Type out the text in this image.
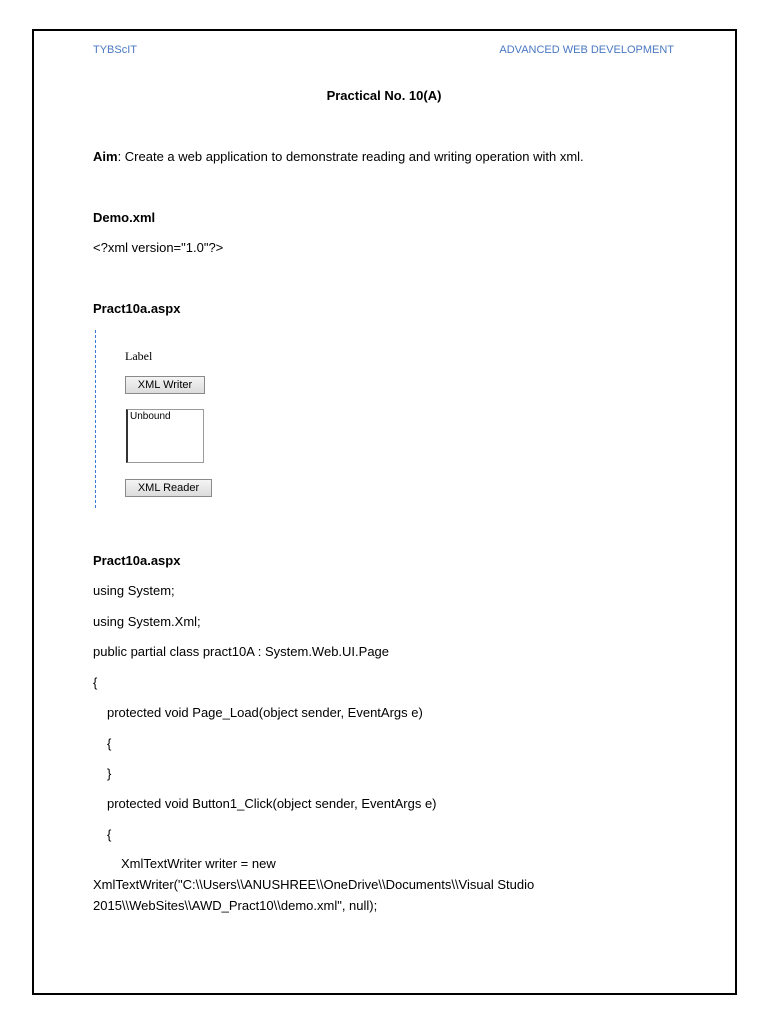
TYBScIT	ADVANCED WEB DEVELOPMENT
Practical No. 10(A)
Aim: Create a web application to demonstrate reading and writing operation with xml.
Demo.xml
<?xml version="1.0"?>
Pract10a.aspx
Label
XML Writer
Unbound
XML Reader
Pract10a.aspx
using System;
using System.Xml;
public partial class pract10A : System.Web.UI.Page
{
protected void Page_Load(object sender, EventArgs e)
{
}
protected void Button1_Click(object sender, EventArgs e)
{
XmlTextWriter writer = new
XmlTextWriter("C:\\Users\\ANUSHREE\\OneDrive\\Documents\\Visual Studio
2015\\WebSites\\AWD_Pract10\\demo.xml", null);
